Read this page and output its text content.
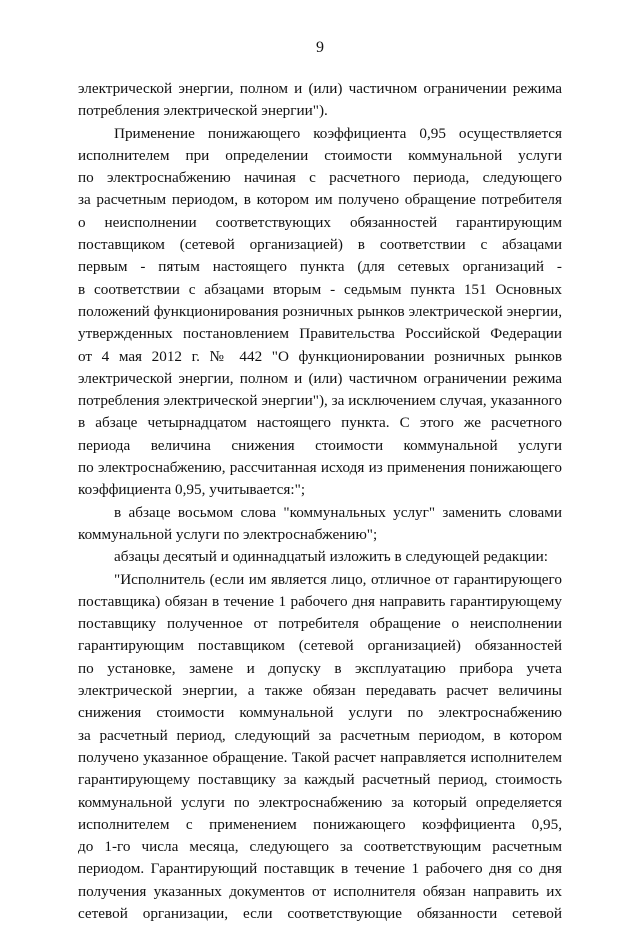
9
электрической энергии, полном и (или) частичном ограничении режима
потребления электрической энергии").
Применение понижающего коэффициента 0,95 осуществляется
исполнителем при определении стоимости коммунальной услуги
по электроснабжению начиная с расчетного периода, следующего
за расчетным периодом, в котором им получено обращение потребителя
о неисполнении соответствующих обязанностей гарантирующим
поставщиком (сетевой организацией) в соответствии с абзацами
первым - пятым настоящего пункта (для сетевых организаций -
в соответствии с абзацами вторым - седьмым пункта 151 Основных
положений функционирования розничных рынков электрической энергии,
утвержденных постановлением Правительства Российской Федерации
от 4 мая 2012 г. № 442 "О функционировании розничных рынков
электрической энергии, полном и (или) частичном ограничении режима
потребления электрической энергии"), за исключением случая, указанного
в абзаце четырнадцатом настоящего пункта. С этого же расчетного
периода величина снижения стоимости коммунальной услуги
по электроснабжению, рассчитанная исходя из применения понижающего
коэффициента 0,95, учитывается:";
в абзаце восьмом слова "коммунальных услуг" заменить словами
коммунальной услуги по электроснабжению";
абзацы десятый и одиннадцатый изложить в следующей редакции:
"Исполнитель (если им является лицо, отличное от гарантирующего
поставщика) обязан в течение 1 рабочего дня направить гарантирующему
поставщику полученное от потребителя обращение о неисполнении
гарантирующим поставщиком (сетевой организацией) обязанностей
по установке, замене и допуску в эксплуатацию прибора учета
электрической энергии, а также обязан передавать расчет величины
снижения стоимости коммунальной услуги по электроснабжению
за расчетный период, следующий за расчетным периодом, в котором
получено указанное обращение. Такой расчет направляется исполнителем
гарантирующему поставщику за каждый расчетный период, стоимость
коммунальной услуги по электроснабжению за который определяется
исполнителем с применением понижающего коэффициента 0,95,
до 1-го числа месяца, следующего за соответствующим расчетным
периодом. Гарантирующий поставщик в течение 1 рабочего дня со дня
получения указанных документов от исполнителя обязан направить их
сетевой организации, если соответствующие обязанности сетевой
